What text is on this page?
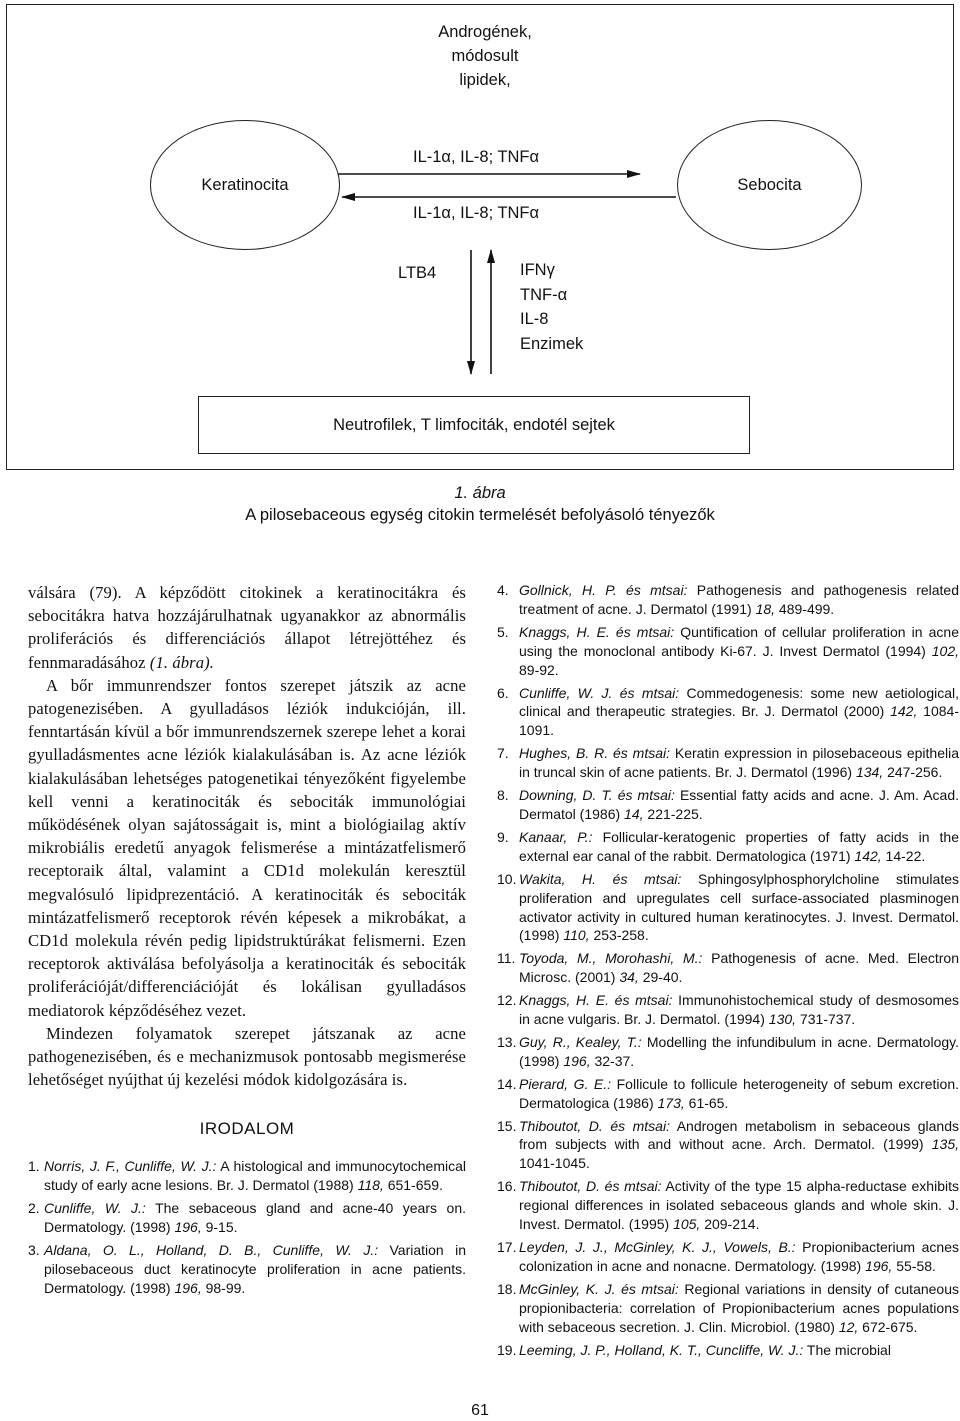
Androgének,
módosult
lipidek,
Keratinocita	Sebocita
IL-1α, IL-8; TNFα
IL-1α, IL-8; TNFα
LTB4	IFNγ
TNF-α
IL-8
Enzimek
Neutrofilek, T limfociták, endotél sejtek
1. ábra
A pilosebaceous egység citokin termelését befolyásoló tényezők

válsára (79). A képződött citokinek a keratinocitákra és sebocitákra hatva hozzájárulhatnak ugyanakkor az abnormális proliferációs és differenciációs állapot létrejöttéhez és fennmaradásához (1. ábra).

A bőr immunrendszer fontos szerepet játszik az acne patogenezisében. A gyulladásos léziók indukcióján, ill. fenntartásán kívül a bőr immunrendszernek szerepe lehet a korai gyulladásmentes acne léziók kialakulásában is. Az acne léziók kialakulásában lehetséges patogenetikai tényezőként figyelembe kell venni a keratinociták és sebociták immunológiai működésének olyan sajátosságait is, mint a biológiailag aktív mikrobiális eredetű anyagok felismerése a mintázatfelismerő receptoraik által, valamint a CD1d molekulán keresztül megvalósuló lipidprezentáció. A keratinociták és sebociták mintázatfelismerő receptorok révén képesek a mikrobákat, a CD1d molekula révén pedig lipidstruktúrákat felismerni. Ezen receptorok aktiválása befolyásolja a keratinociták és sebociták proliferációját/differenciációját és lokálisan gyulladásos mediatorok képződéséhez vezet.

Mindezen folyamatok szerepet játszanak az acne pathogenezisében, és e mechanizmusok pontosabb megismerése lehetőséget nyújthat új kezelési módok kidolgozására is.

IRODALOM
1. Norris, J. F., Cunliffe, W. J.: A histological and immunocytochemical study of early acne lesions. Br. J. Dermatol (1988) 118, 651-659.
2. Cunliffe, W. J.: The sebaceous gland and acne-40 years on. Dermatology. (1998) 196, 9-15.
3. Aldana, O. L., Holland, D. B., Cunliffe, W. J.: Variation in pilosebaceous duct keratinocyte proliferation in acne patients. Dermatology. (1998) 196, 98-99.
4. Gollnick, H. P. és mtsai: Pathogenesis and pathogenesis related treatment of acne. J. Dermatol (1991) 18, 489-499.
5. Knaggs, H. E. és mtsai: Quntification of cellular proliferation in acne using the monoclonal antibody Ki-67. J. Invest Dermatol (1994) 102, 89-92.
6. Cunliffe, W. J. és mtsai: Commedogenesis: some new aetiological, clinical and therapeutic strategies. Br. J. Dermatol (2000) 142, 1084-1091.
7. Hughes, B. R. és mtsai: Keratin expression in pilosebaceous epithelia in truncal skin of acne patients. Br. J. Dermatol (1996) 134, 247-256.
8. Downing, D. T. és mtsai: Essential fatty acids and acne. J. Am. Acad. Dermatol (1986) 14, 221-225.
9. Kanaar, P.: Follicular-keratogenic properties of fatty acids in the external ear canal of the rabbit. Dermatologica (1971) 142, 14-22.
10. Wakita, H. és mtsai: Sphingosylphosphorylcholine stimulates proliferation and upregulates cell surface-associated plasminogen activator activity in cultured human keratinocytes. J. Invest. Dermatol. (1998) 110, 253-258.
11. Toyoda, M., Morohashi, M.: Pathogenesis of acne. Med. Electron Microsc. (2001) 34, 29-40.
12. Knaggs, H. E. és mtsai: Immunohistochemical study of desmosomes in acne vulgaris. Br. J. Dermatol. (1994) 130, 731-737.
13. Guy, R., Kealey, T.: Modelling the infundibulum in acne. Dermatology. (1998) 196, 32-37.
14. Pierard, G. E.: Follicule to follicule heterogeneity of sebum excretion. Dermatologica (1986) 173, 61-65.
15. Thiboutot, D. és mtsai: Androgen metabolism in sebaceous glands from subjects with and without acne. Arch. Dermatol. (1999) 135, 1041-1045.
16. Thiboutot, D. és mtsai: Activity of the type 15 alpha-reductase exhibits regional differences in isolated sebaceous glands and whole skin. J. Invest. Dermatol. (1995) 105, 209-214.
17. Leyden, J. J., McGinley, K. J., Vowels, B.: Propionibacterium acnes colonization in acne and nonacne. Dermatology. (1998) 196, 55-58.
18. McGinley, K. J. és mtsai: Regional variations in density of cutaneous propionibacteria: correlation of Propionibacterium acnes populations with sebaceous secretion. J. Clin. Microbiol. (1980) 12, 672-675.
19. Leeming, J. P., Holland, K. T., Cuncliffe, W. J.: The microbial
61
